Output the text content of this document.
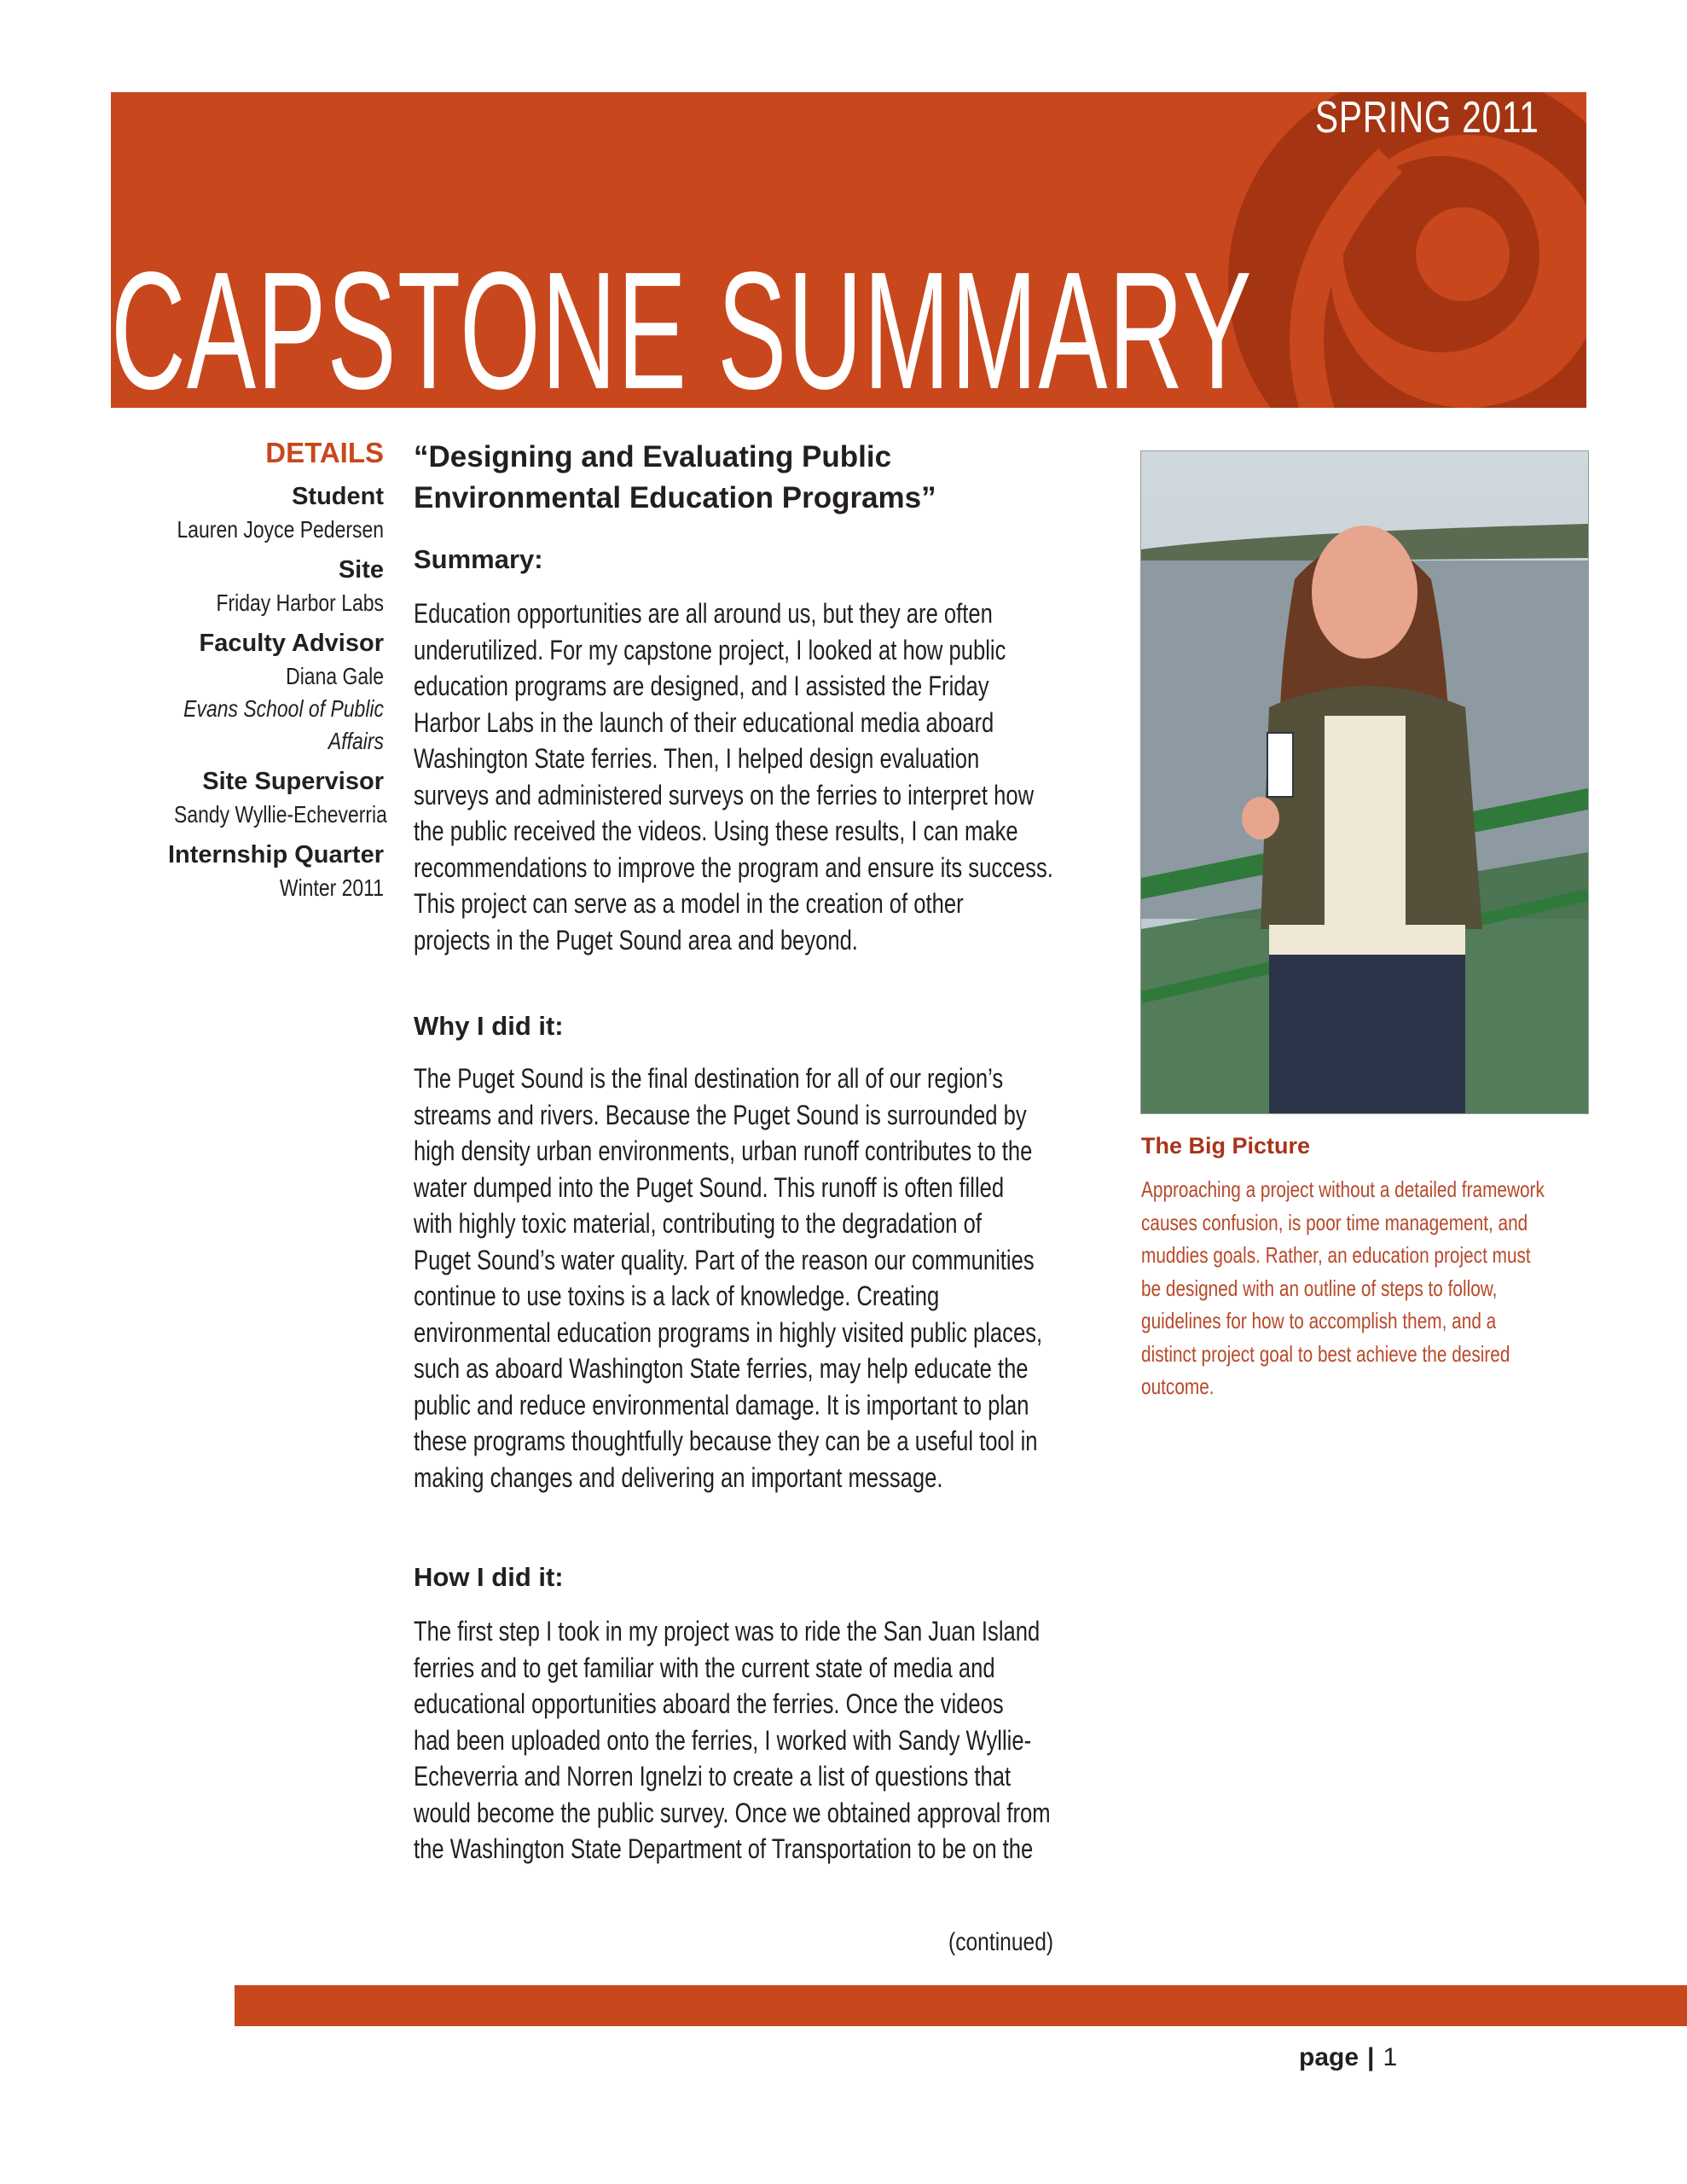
SPRING 2011
CAPSTONE SUMMARY
DETAILS
Student
Lauren Joyce Pedersen
Site
Friday Harbor Labs
Faculty Advisor
Diana Gale
Evans School of Public
Affairs
Site Supervisor
Sandy Wyllie-Echeverria
Internship Quarter
Winter 2011
“Designing and Evaluating Public
Environmental Education Programs”
Summary:
Education opportunities are all around us, but they are often
underutilized. For my capstone project, I looked at how public
education programs are designed, and I assisted the Friday
Harbor Labs in the launch of their educational media aboard
Washington State ferries. Then, I helped design evaluation
surveys and administered surveys on the ferries to interpret how
the public received the videos. Using these results, I can make
recommendations to improve the program and ensure its success.
This project can serve as a model in the creation of other
projects in the Puget Sound area and beyond.
Why I did it:
The Puget Sound is the final destination for all of our region’s
streams and rivers. Because the Puget Sound is surrounded by
high density urban environments, urban runoff contributes to the
water dumped into the Puget Sound. This runoff is often filled
with highly toxic material, contributing to the degradation of
Puget Sound’s water quality. Part of the reason our communities
continue to use toxins is a lack of knowledge. Creating
environmental education programs in highly visited public places,
such as aboard Washington State ferries, may help educate the
public and reduce environmental damage. It is important to plan
these programs thoughtfully because they can be a useful tool in
making changes and delivering an important message.
How I did it:
The first step I took in my project was to ride the San Juan Island
ferries and to get familiar with the current state of media and
educational opportunities aboard the ferries. Once the videos
had been uploaded onto the ferries, I worked with Sandy Wyllie-
Echeverria and Norren Ignelzi to create a list of questions that
would become the public survey. Once we obtained approval from
the Washington State Department of Transportation to be on the
(continued)
The Big Picture
Approaching a project without a detailed framework
causes confusion, is poor time management, and
muddies goals. Rather, an education project must
be designed with an outline of steps to follow,
guidelines for how to accomplish them, and a
distinct project goal to best achieve the desired
outcome.
page | 1
